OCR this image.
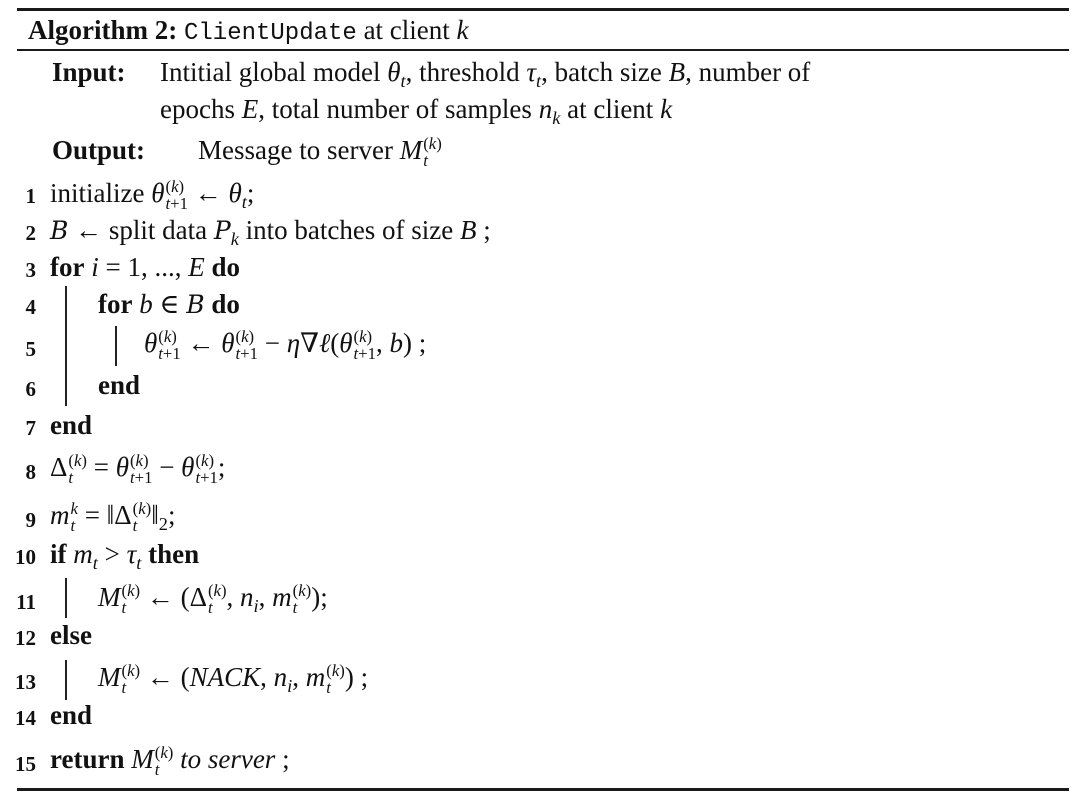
Algorithm 2: ClientUpdate at client k
Input: Intitial global model $\theta_t$, threshold $\tau_t$, batch size B, number of
epochs E, total number of samples $n_k$ at client k
Output: Message to server M (k)
t
1
2
3
4
5
6
7
8
9
10
11
12
13
14
15
initialize θ (k)
t+1 ← $\theta_t$;
B ← split data $P_k$ into batches of size B ;
for i = 1, ..., E do
for b ∈ B do
θ (k)
t+1 ← θ (k)
t+1 − η∇ℓ(θ (k)
t+1 , b) ;
end
end
Δ (k)
t = θ (k)
t+1 − θ (k)
t+1 ;
m k
t = ‖Δ (k)
t $‖_2$;
if $m_t > \tau_t$ then
M (k)
t ← (Δ (k)
t , $n_i$, m (k)
t );
else
M (k)
t ← (NACK, $n_i$, m (k)
t ) ;
end
return M (k)
t to server ;
